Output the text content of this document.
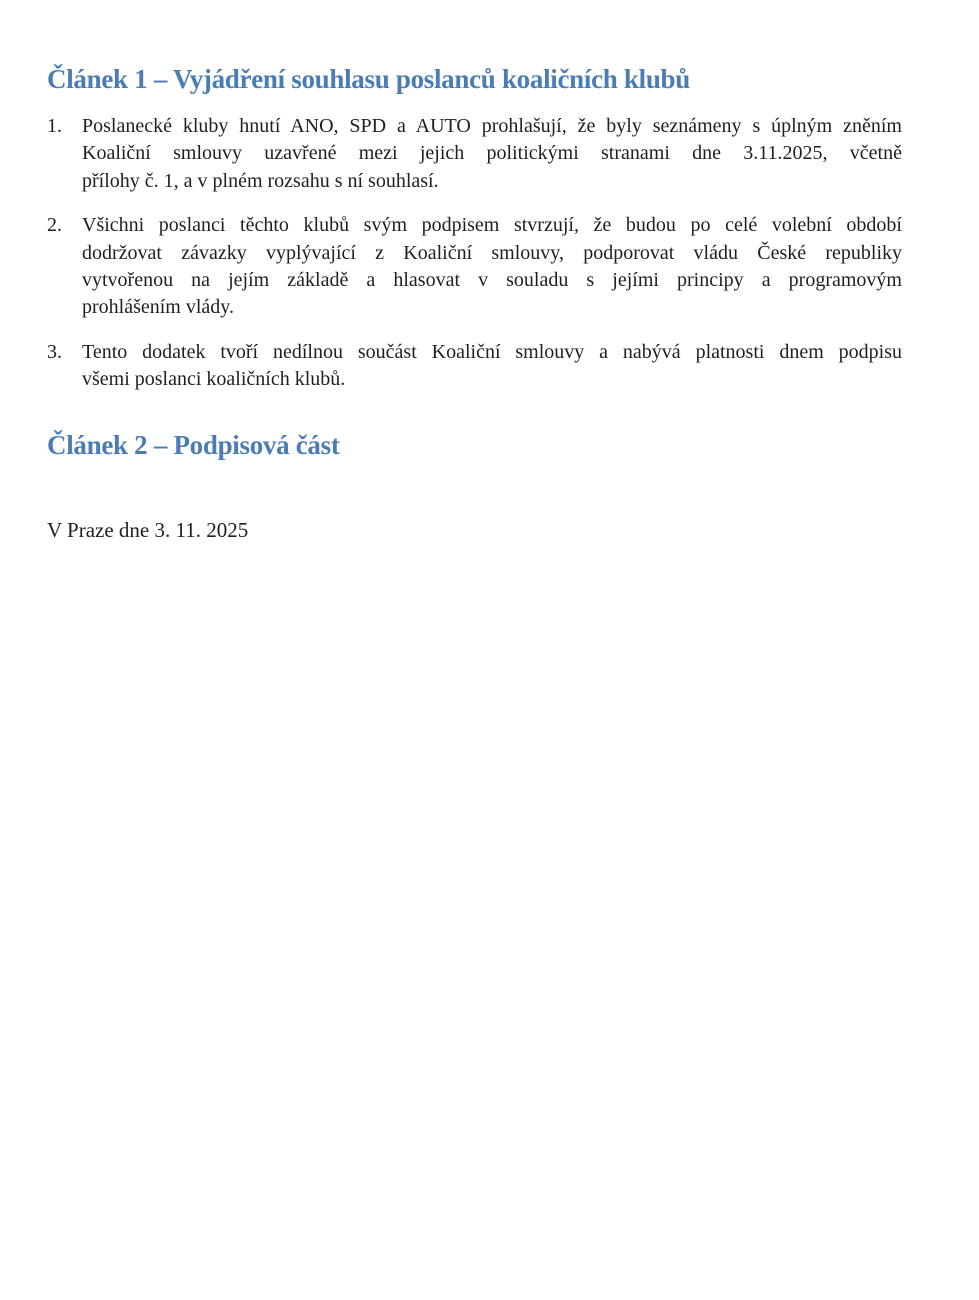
Článek 1 – Vyjádření souhlasu poslanců koaličních klubů
1.	Poslanecké kluby hnutí ANO, SPD a AUTO prohlašují, že byly seznámeny s úplným zněním
Koaliční smlouvy uzavřené mezi jejich politickými stranami dne 3.11.2025, včetně
přílohy č. 1, a v plném rozsahu s ní souhlasí.
2.	Všichni poslanci těchto klubů svým podpisem stvrzují, že budou po celé volební období
dodržovat závazky vyplývající z Koaliční smlouvy, podporovat vládu České republiky
vytvořenou na jejím základě a hlasovat v souladu s jejími principy a programovým
prohlášením vlády.
3.	Tento dodatek tvoří nedílnou součást Koaliční smlouvy a nabývá platnosti dnem podpisu
všemi poslanci koaličních klubů.
Článek 2 – Podpisová část

V Praze dne 3. 11. 2025
